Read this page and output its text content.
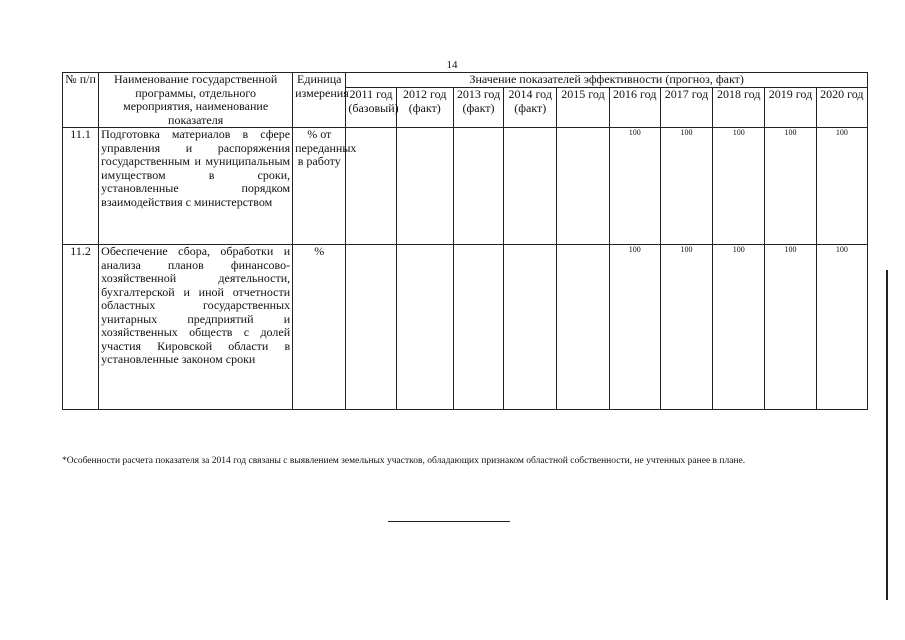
14
№ п/п	Наименование государственной программы, отдельного мероприятия, наименование показателя	Единица измерения	Значение показателей эффективности (прогноз, факт)									
			2011 год (базовый)	2012 год (факт)	2013 год (факт)	2014 год (факт)	2015 год	2016 год	2017 год	2018 год	2019 год	2020 год
11.1	Подготовка материалов в сфере управления и распоряжения государственным и муниципальным имуществом в сроки, установленные порядком взаимодействия с министерством	% от переданных в работу						100	100	100	100	100
11.2	Обеспечение сбора, обработки и анализа планов финансово-хозяйственной деятельности, бухгалтерской и иной отчетности областных государственных унитарных предприятий и хозяйственных обществ с долей участия Кировской области в установленные законом сроки	%						100	100	100	100	100
*Особенности расчета показателя за 2014 год связаны с выявлением земельных участков, обладающих признаком областной собственности, не учтенных ранее в плане.
